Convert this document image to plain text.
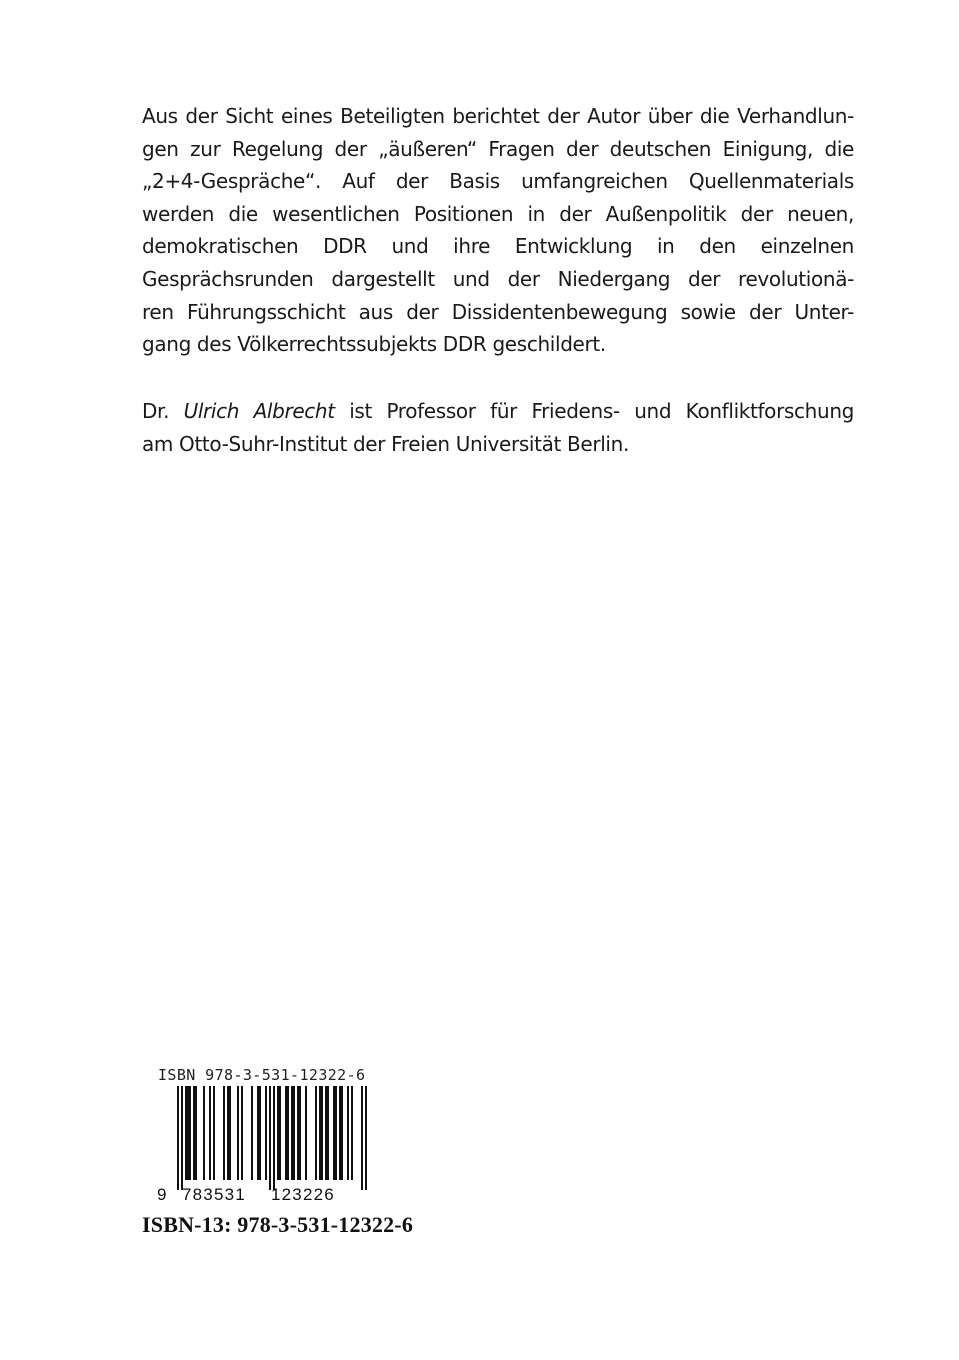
Aus der Sicht eines Beteiligten berichtet der Autor über die Verhandlun-
gen zur Regelung der „äußeren“ Fragen der deutschen Einigung, die
„2+4-Gespräche“. Auf der Basis umfangreichen Quellenmaterials
werden die wesentlichen Positionen in der Außenpolitik der neuen,
demokratischen DDR und ihre Entwicklung in den einzelnen
Gesprächsrunden dargestellt und der Niedergang der revolutionä-
ren Führungsschicht aus der Dissidentenbewegung sowie der Unter-
gang des Völkerrechtssubjekts DDR geschildert.
Dr. Ulrich Albrecht ist Professor für Friedens- und Konfliktforschung
am Otto-Suhr-Institut der Freien Universität Berlin.
ISBN 978-3-531-12322-6
9 783531 123226
ISBN-13: 978-3-531-12322-6
